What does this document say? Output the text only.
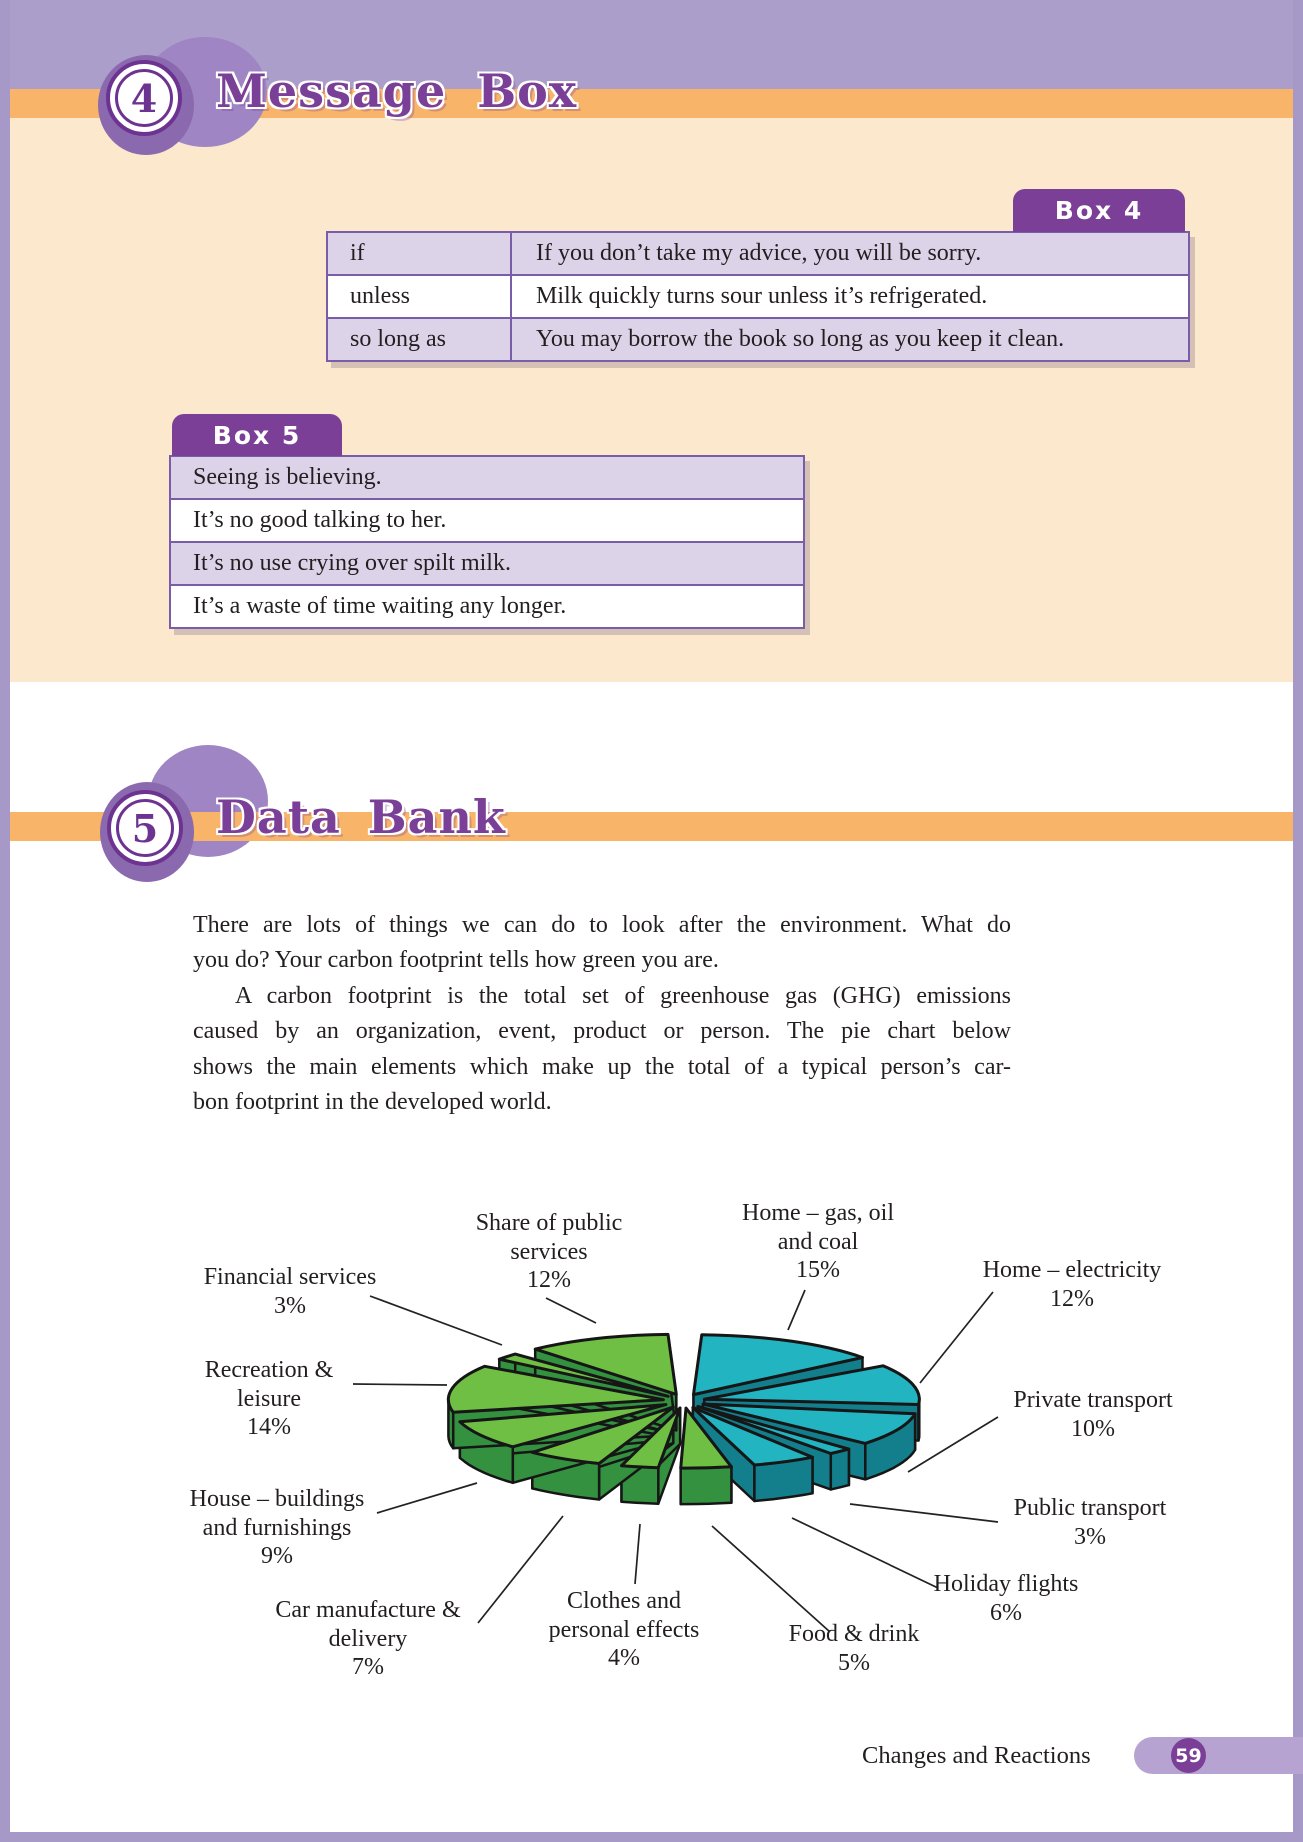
4	Message Box
Box 4
if	If you don’t take my advice, you will be sorry.
unless	Milk quickly turns sour unless it’s refrigerated.
so long as	You may borrow the book so long as you keep it clean.
Box 5
Seeing is believing.
It’s no good talking to her.
It’s no use crying over spilt milk.
It’s a waste of time waiting any longer.
5	Data Bank
There are lots of things we can do to look after the environment. What do
you do? Your carbon footprint tells how green you are.
A carbon footprint is the total set of greenhouse gas (GHG) emissions
caused by an organization, event, product or person. The pie chart below
shows the main elements which make up the total of a typical person’s car-
bon footprint in the developed world.
Home – gas, oil
and coal
15%	Home – electricity
12%
Private transport
10%
Public transport
3%
Holiday flights
6%
Food & drink
5%
Clothes and
personal effects
4%
Car manufacture &
delivery
7%
House – buildings
and furnishings
9%
Recreation &
leisure
14%
Financial services
3%
Share of public
services
12%
Changes and Reactions	59
